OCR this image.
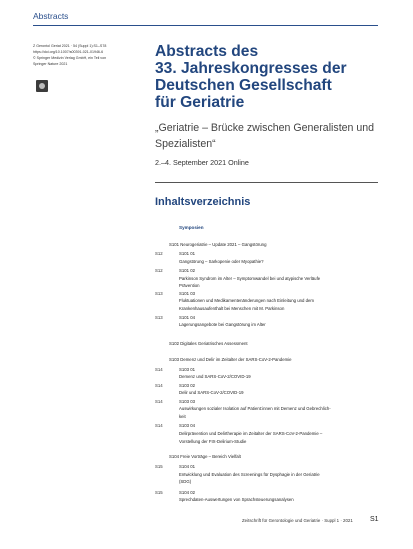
Abstracts
Z Gerontol Geriat 2021 · 54 (Suppl 1):S1–S78
https://doi.org/10.1007/s00391-021-01946-6
© Springer Medizin Verlag GmbH, ein Teil von
Springer Nature 2021
Abstracts des
33. Jahreskongresses der
Deutschen Gesellschaft
für Geriatrie

„Geriatrie – Brücke zwischen Generalisten und Spezialisten“

2.–4. September 2021 Online
Inhaltsverzeichnis
Symposien
S101 Neurogeriatrie – Update 2021 – Gangstörung
S12	S101 01
Gangstörung – Sarkopenie oder Myopathie?
S12	S101 02
Parkinson Syndrom im Alter – Symptomwandel bei und atypische Verläufe
Prävention
S13	S101 03
Fluktuationen und Medikamentenänderungen nach Einleitung und dem
Krankenhausaufenthalt bei Menschen mit M. Parkinson
S13	S101 04
Lagerungsangebote bei Gangstörung im Alter
S102 Digitales Geriatrisches Assessment
S103 Demenz und Delir im Zeitalter der SARS-CoV-2-Pandemie
S14	S103 01
Demenz und SARS-CoV-2/COVID-19
S14	S103 02
Delir und SARS-CoV-2/COVID-19
S14	S103 03
Auswirkungen sozialer Isolation auf Patient:innen mit Demenz und Gebrechlich-
keit
S14	S103 04
Delirprävention und Delirtherapie im Zeitalter der SARS-CoV-2-Pandemie –
Vorstellung der FIX-Delirium-Studie
S104 Freie Vorträge – Bereich Vielfalt
S15	S104 01
Entwicklung und Evaluation des Screenings für Dysphagie in der Geriatrie
(SDG)
S15	S104 02
Sprechdaten-Auswertungen von Sprachsteuerungsanalysen
Zeitschrift für Gerontologie und Geriatrie · Suppl 1 · 2021 S1
